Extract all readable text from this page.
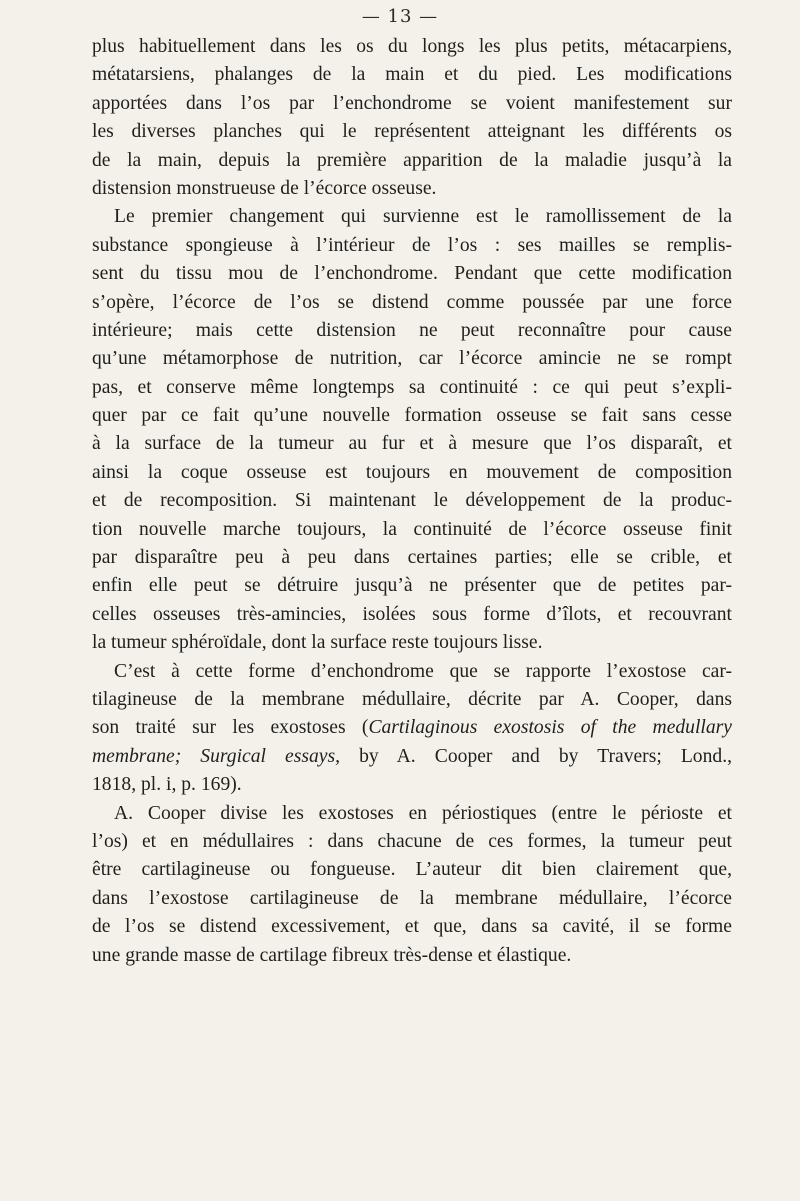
— 13 —
plus habituellement dans les os du longs les plus petits, métacarpiens,
métatarsiens, phalanges de la main et du pied. Les modifications
apportées dans l’os par l’enchondrome se voient manifestement sur
les diverses planches qui le représentent atteignant les différents os
de la main, depuis la première apparition de la maladie jusqu’à la
distension monstrueuse de l’écorce osseuse.
Le premier changement qui survienne est le ramollissement de la
substance spongieuse à l’intérieur de l’os : ses mailles se remplis-
sent du tissu mou de l’enchondrome. Pendant que cette modification
s’opère, l’écorce de l’os se distend comme poussée par une force
intérieure; mais cette distension ne peut reconnaître pour cause
qu’une métamorphose de nutrition, car l’écorce amincie ne se rompt
pas, et conserve même longtemps sa continuité : ce qui peut s’expli-
quer par ce fait qu’une nouvelle formation osseuse se fait sans cesse
à la surface de la tumeur au fur et à mesure que l’os disparaît, et
ainsi la coque osseuse est toujours en mouvement de composition
et de recomposition. Si maintenant le développement de la produc-
tion nouvelle marche toujours, la continuité de l’écorce osseuse finit
par disparaître peu à peu dans certaines parties; elle se crible, et
enfin elle peut se détruire jusqu’à ne présenter que de petites par-
celles osseuses très-amincies, isolées sous forme d’îlots, et recouvrant
la tumeur sphéroïdale, dont la surface reste toujours lisse.
C’est à cette forme d’enchondrome que se rapporte l’exostose car-
tilagineuse de la membrane médullaire, décrite par A. Cooper, dans
son traité sur les exostoses (Cartilaginous exostosis of the medullary
membrane; Surgical essays, by A. Cooper and by Travers; Lond.,
1818, pl. i, p. 169).
A. Cooper divise les exostoses en périostiques (entre le périoste et
l’os) et en médullaires : dans chacune de ces formes, la tumeur peut
être cartilagineuse ou fongueuse. L’auteur dit bien clairement que,
dans l’exostose cartilagineuse de la membrane médullaire, l’écorce
de l’os se distend excessivement, et que, dans sa cavité, il se forme
une grande masse de cartilage fibreux très-dense et élastique.
